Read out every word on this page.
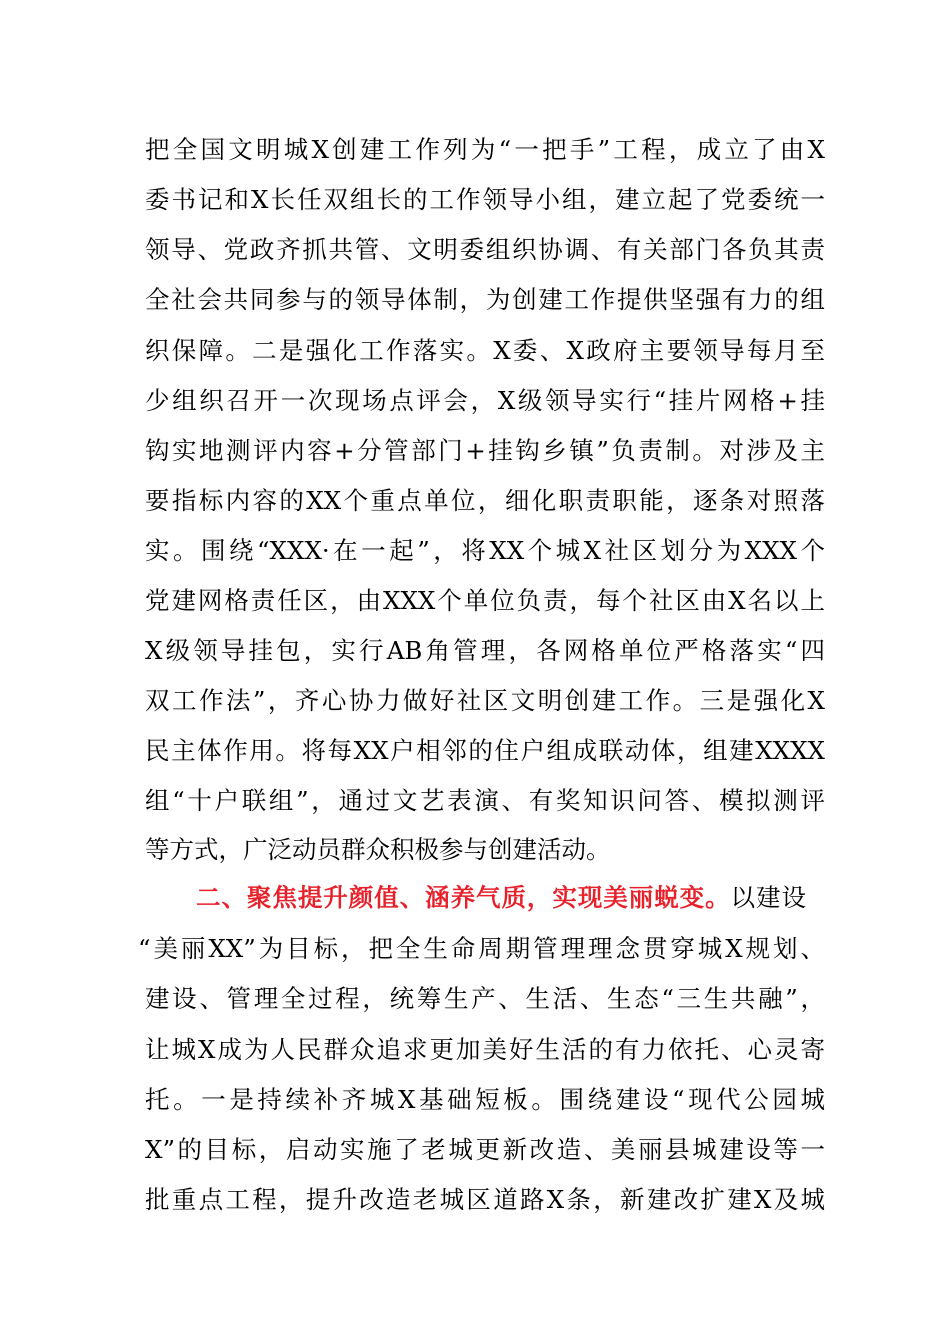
把全国文明城X创建工作列为“一把手”工程，成立了由X
委书记和X长任双组长的工作领导小组，建立起了党委统一
领导、党政齐抓共管、文明委组织协调、有关部门各负其责
全社会共同参与的领导体制，为创建工作提供坚强有力的组
织保障。二是强化工作落实。X委、X政府主要领导每月至
少组织召开一次现场点评会，X级领导实行“挂片网格+挂
钩实地测评内容+分管部门+挂钩乡镇”负责制。对涉及主
要指标内容的XX个重点单位，细化职责职能，逐条对照落
实。围绕“XXX·在一起”，将XX个城X社区划分为XXX个
党建网格责任区，由XXX个单位负责，每个社区由X名以上
X级领导挂包，实行AB角管理，各网格单位严格落实“四
双工作法”，齐心协力做好社区文明创建工作。三是强化X
民主体作用。将每XX户相邻的住户组成联动体，组建XXXX
组“十户联组”，通过文艺表演、有奖知识问答、模拟测评
等方式，广泛动员群众积极参与创建活动。
二、聚焦提升颜值、涵养气质，实现美丽蜕变。以建设
“美丽XX”为目标，把全生命周期管理理念贯穿城X规划、
建设、管理全过程，统筹生产、生活、生态“三生共融”，
让城X成为人民群众追求更加美好生活的有力依托、心灵寄
托。一是持续补齐城X基础短板。围绕建设“现代公园城
X”的目标，启动实施了老城更新改造、美丽县城建设等一
批重点工程，提升改造老城区道路X条，新建改扩建X及城
